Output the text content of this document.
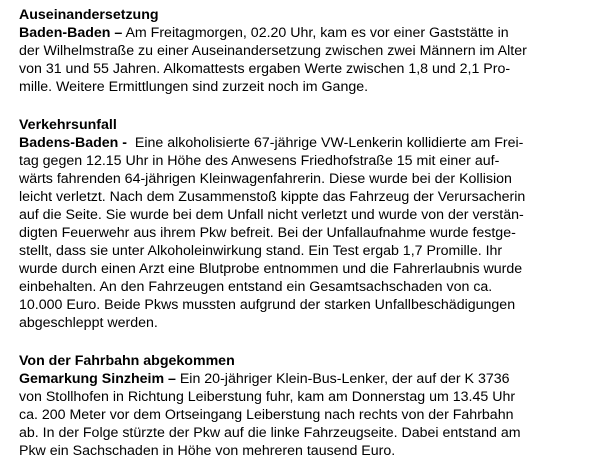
Auseinandersetzung
Baden-Baden – Am Freitagmorgen, 02.20 Uhr, kam es vor einer Gaststätte in
der Wilhelmstraße zu einer Auseinandersetzung zwischen zwei Männern im Alter
von 31 und 55 Jahren. Alkomattests ergaben Werte zwischen 1,8 und 2,1 Pro-
mille. Weitere Ermittlungen sind zurzeit noch im Gange.
Verkehrsunfall
Badens-Baden -  Eine alkoholisierte 67-jährige VW-Lenkerin kollidierte am Frei-
tag gegen 12.15 Uhr in Höhe des Anwesens Friedhofstraße 15 mit einer auf-
wärts fahrenden 64-jährigen Kleinwagenfahrerin. Diese wurde bei der Kollision
leicht verletzt. Nach dem Zusammenstoß kippte das Fahrzeug der Verursacherin
auf die Seite. Sie wurde bei dem Unfall nicht verletzt und wurde von der verstän-
digten Feuerwehr aus ihrem Pkw befreit. Bei der Unfallaufnahme wurde festge-
stellt, dass sie unter Alkoholeinwirkung stand. Ein Test ergab 1,7 Promille. Ihr
wurde durch einen Arzt eine Blutprobe entnommen und die Fahrerlaubnis wurde
einbehalten. An den Fahrzeugen entstand ein Gesamtsachschaden von ca.
10.000 Euro. Beide Pkws mussten aufgrund der starken Unfallbeschädigungen
abgeschleppt werden.
Von der Fahrbahn abgekommen
Gemarkung Sinzheim – Ein 20-jähriger Klein-Bus-Lenker, der auf der K 3736
von Stollhofen in Richtung Leiberstung fuhr, kam am Donnerstag um 13.45 Uhr
ca. 200 Meter vor dem Ortseingang Leiberstung nach rechts von der Fahrbahn
ab. In der Folge stürzte der Pkw auf die linke Fahrzeugseite. Dabei entstand am
Pkw ein Sachschaden in Höhe von mehreren tausend Euro.
